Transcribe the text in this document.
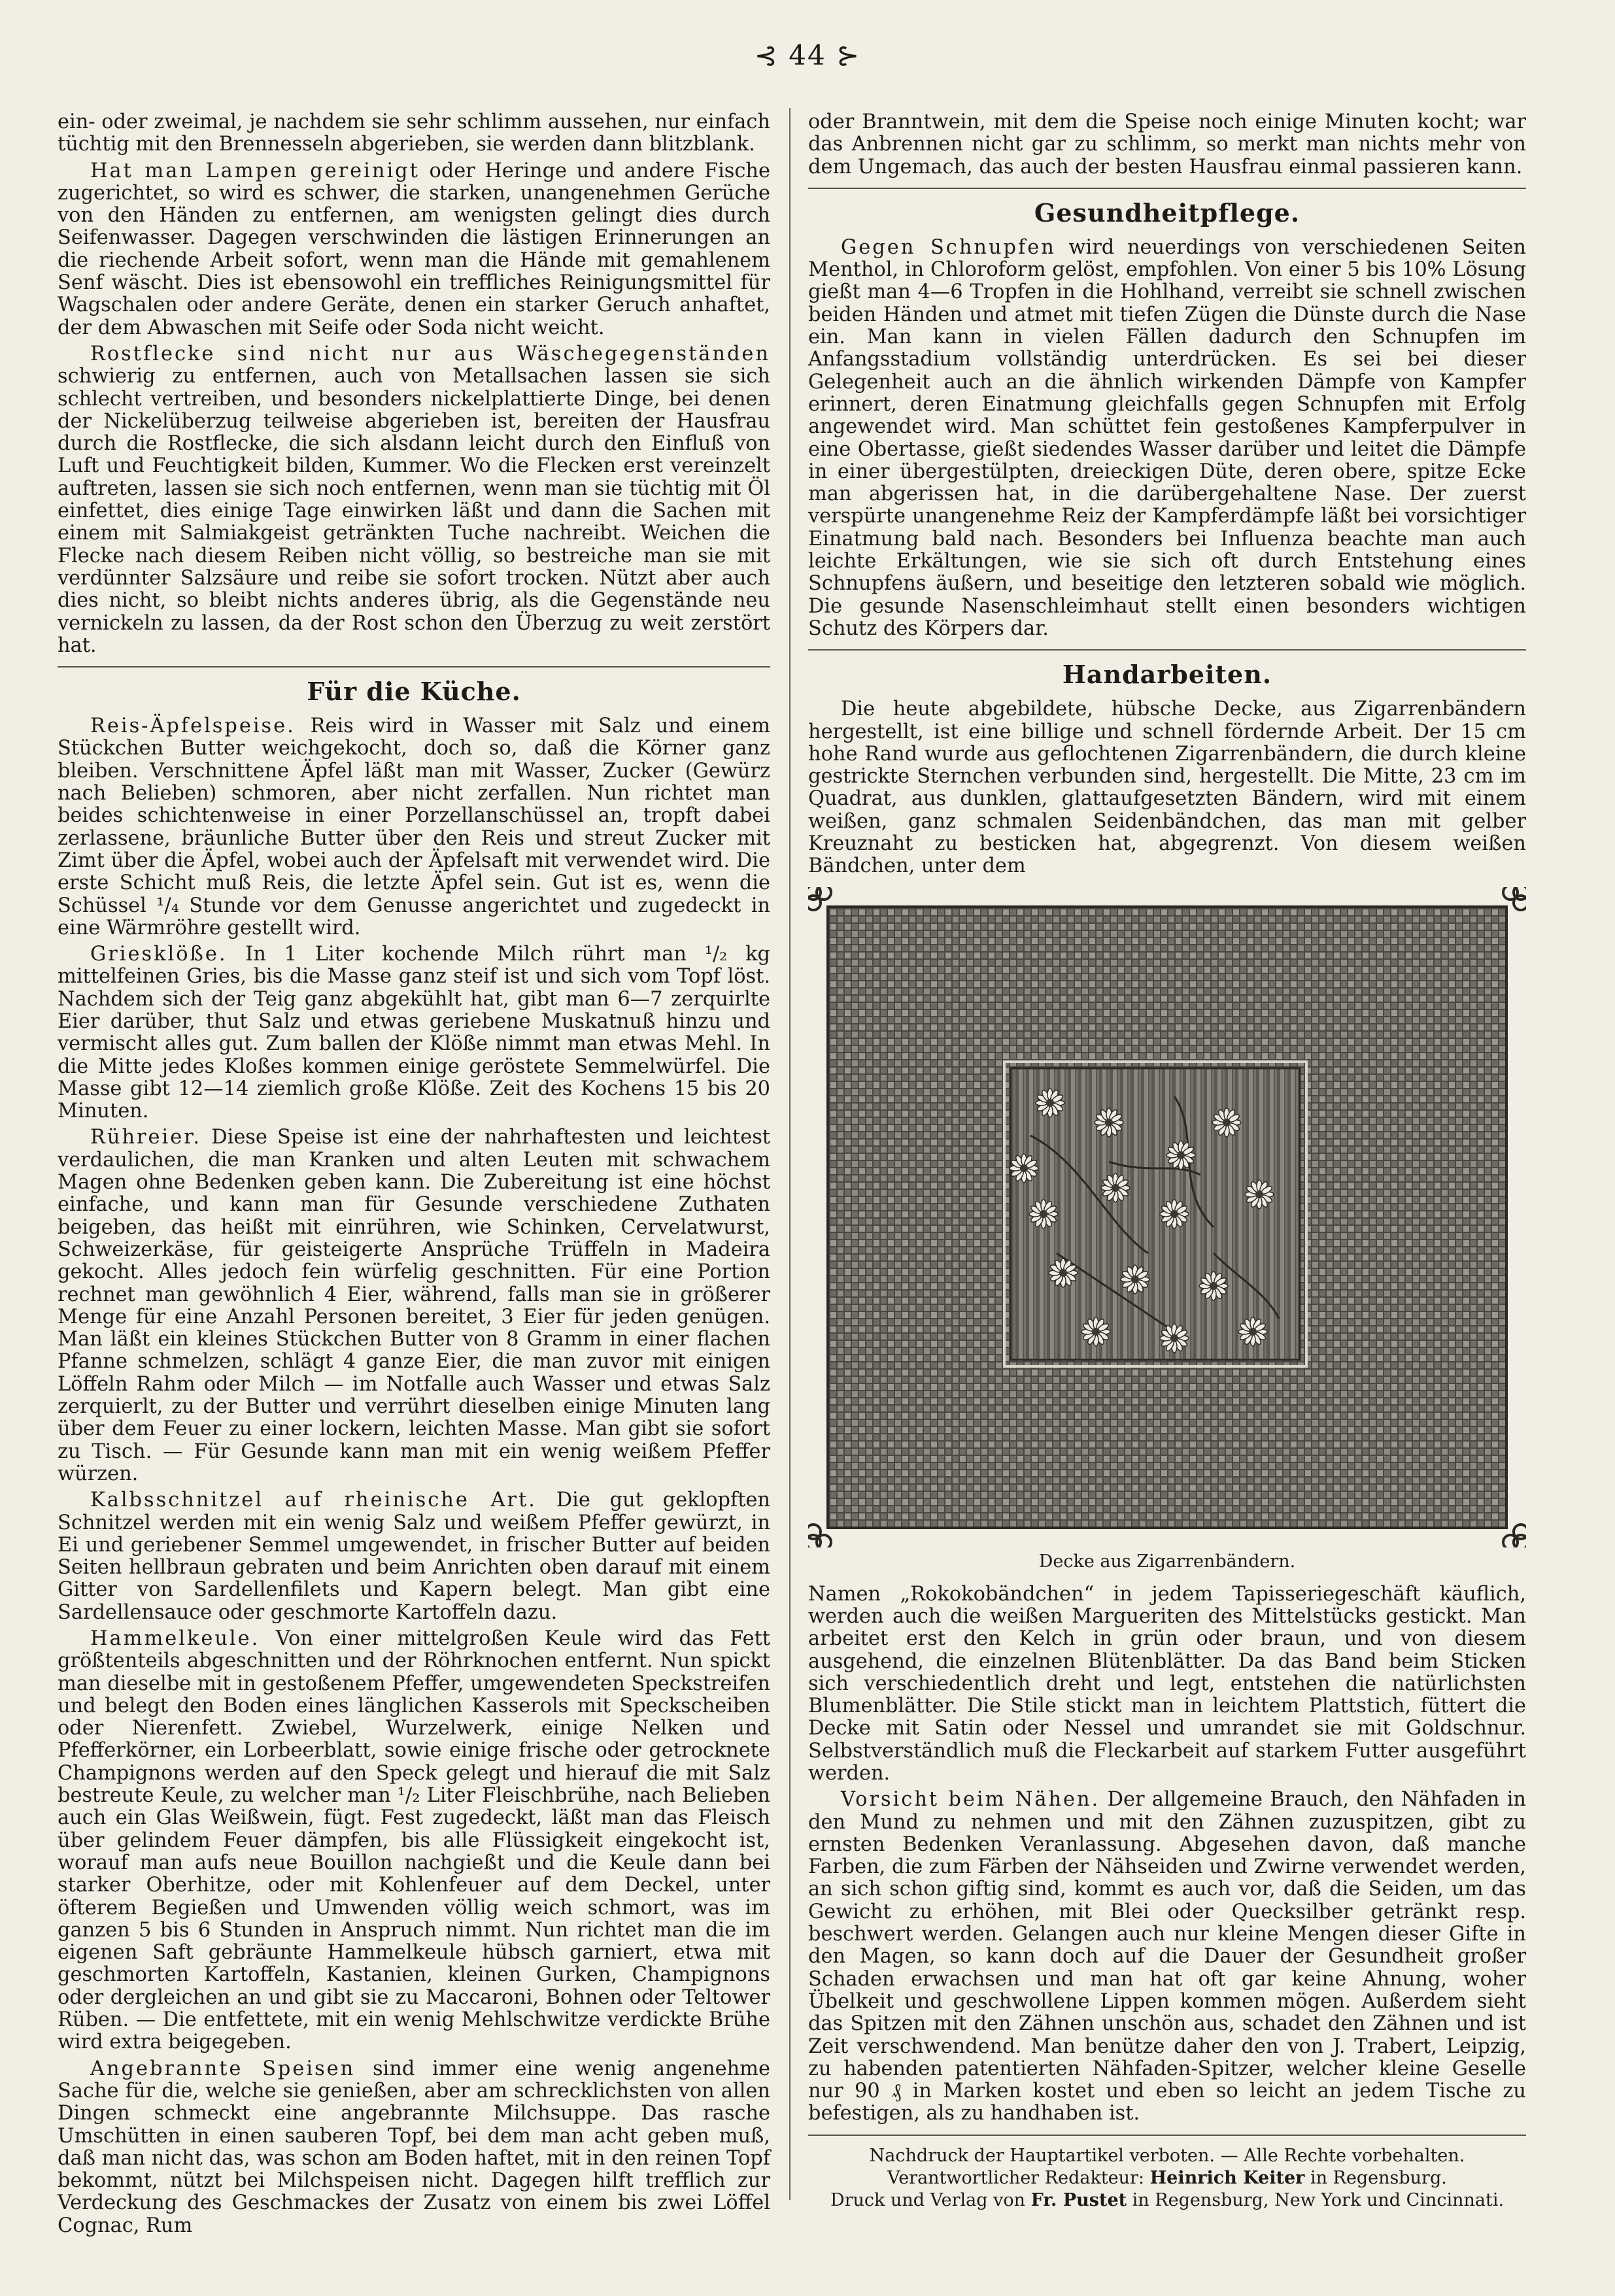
⊰ 44 ⊱

ein- oder zweimal, je nachdem sie sehr schlimm aussehen, nur einfach tüchtig mit den Brennesseln abgerieben, sie werden dann blitzblank.

Hat man Lampen gereinigt oder Heringe und andere Fische zugerichtet, so wird es schwer, die starken, unangenehmen Gerüche von den Händen zu entfernen, am wenigsten gelingt dies durch Seifenwasser. Dagegen verschwinden die lästigen Erinnerungen an die riechende Arbeit sofort, wenn man die Hände mit gemahlenem Senf wäscht. Dies ist ebensowohl ein treffliches Reinigungsmittel für Wagschalen oder andere Geräte, denen ein starker Geruch anhaftet, der dem Abwaschen mit Seife oder Soda nicht weicht.

Rostflecke sind nicht nur aus Wäschegegenständen schwierig zu entfernen, auch von Metallsachen lassen sie sich schlecht vertreiben, und besonders nickelplattierte Dinge, bei denen der Nickelüberzug teilweise abgerieben ist, bereiten der Hausfrau durch die Rostflecke, die sich alsdann leicht durch den Einfluß von Luft und Feuchtigkeit bilden, Kummer. Wo die Flecken erst vereinzelt auftreten, lassen sie sich noch entfernen, wenn man sie tüchtig mit Öl einfettet, dies einige Tage einwirken läßt und dann die Sachen mit einem mit Salmiakgeist getränkten Tuche nachreibt. Weichen die Flecke nach diesem Reiben nicht völlig, so bestreiche man sie mit verdünnter Salzsäure und reibe sie sofort trocken. Nützt aber auch dies nicht, so bleibt nichts anderes übrig, als die Gegenstände neu vernickeln zu lassen, da der Rost schon den Überzug zu weit zerstört hat.

Für die Küche.

Reis-Äpfelspeise. Reis wird in Wasser mit Salz und einem Stückchen Butter weichgekocht, doch so, daß die Körner ganz bleiben. Verschnittene Äpfel läßt man mit Wasser, Zucker (Gewürz nach Belieben) schmoren, aber nicht zerfallen. Nun richtet man beides schichtenweise in einer Porzellanschüssel an, tropft dabei zerlassene, bräunliche Butter über den Reis und streut Zucker mit Zimt über die Äpfel, wobei auch der Äpfelsaft mit verwendet wird. Die erste Schicht muß Reis, die letzte Äpfel sein. Gut ist es, wenn die Schüssel ¹/₄ Stunde vor dem Genusse angerichtet und zugedeckt in eine Wärmröhre gestellt wird.

Griesklöße. In 1 Liter kochende Milch rührt man ¹/₂ kg mittelfeinen Gries, bis die Masse ganz steif ist und sich vom Topf löst. Nachdem sich der Teig ganz abgekühlt hat, gibt man 6—7 zerquirlte Eier darüber, thut Salz und etwas geriebene Muskatnuß hinzu und vermischt alles gut. Zum ballen der Klöße nimmt man etwas Mehl. In die Mitte jedes Kloßes kommen einige geröstete Semmelwürfel. Die Masse gibt 12—14 ziemlich große Klöße. Zeit des Kochens 15 bis 20 Minuten.

Rühreier. Diese Speise ist eine der nahrhaftesten und leichtest verdaulichen, die man Kranken und alten Leuten mit schwachem Magen ohne Bedenken geben kann. Die Zubereitung ist eine höchst einfache, und kann man für Gesunde verschiedene Zuthaten beigeben, das heißt mit einrühren, wie Schinken, Cervelatwurst, Schweizerkäse, für geisteigerte Ansprüche Trüffeln in Madeira gekocht. Alles jedoch fein würfelig geschnitten. Für eine Portion rechnet man gewöhnlich 4 Eier, während, falls man sie in größerer Menge für eine Anzahl Personen bereitet, 3 Eier für jeden genügen. Man läßt ein kleines Stückchen Butter von 8 Gramm in einer flachen Pfanne schmelzen, schlägt 4 ganze Eier, die man zuvor mit einigen Löffeln Rahm oder Milch — im Notfalle auch Wasser und etwas Salz zerquierlt, zu der Butter und verrührt dieselben einige Minuten lang über dem Feuer zu einer lockern, leichten Masse. Man gibt sie sofort zu Tisch. — Für Gesunde kann man mit ein wenig weißem Pfeffer würzen.

Kalbsschnitzel auf rheinische Art. Die gut geklopften Schnitzel werden mit ein wenig Salz und weißem Pfeffer gewürzt, in Ei und geriebener Semmel umgewendet, in frischer Butter auf beiden Seiten hellbraun gebraten und beim Anrichten oben darauf mit einem Gitter von Sardellenfilets und Kapern belegt. Man gibt eine Sardellensauce oder geschmorte Kartoffeln dazu.

Hammelkeule. Von einer mittelgroßen Keule wird das Fett größtenteils abgeschnitten und der Röhrknochen entfernt. Nun spickt man dieselbe mit in gestoßenem Pfeffer, umgewendeten Speckstreifen und belegt den Boden eines länglichen Kasserols mit Speckscheiben oder Nierenfett. Zwiebel, Wurzelwerk, einige Nelken und Pfefferkörner, ein Lorbeerblatt, sowie einige frische oder getrocknete Champignons werden auf den Speck gelegt und hierauf die mit Salz bestreute Keule, zu welcher man ¹/₂ Liter Fleischbrühe, nach Belieben auch ein Glas Weißwein, fügt. Fest zugedeckt, läßt man das Fleisch über gelindem Feuer dämpfen, bis alle Flüssigkeit eingekocht ist, worauf man aufs neue Bouillon nachgießt und die Keule dann bei starker Oberhitze, oder mit Kohlenfeuer auf dem Deckel, unter öfterem Begießen und Umwenden völlig weich schmort, was im ganzen 5 bis 6 Stunden in Anspruch nimmt. Nun richtet man die im eigenen Saft gebräunte Hammelkeule hübsch garniert, etwa mit geschmorten Kartoffeln, Kastanien, kleinen Gurken, Champignons oder dergleichen an und gibt sie zu Maccaroni, Bohnen oder Teltower Rüben. — Die entfettete, mit ein wenig Mehlschwitze verdickte Brühe wird extra beigegeben.

Angebrannte Speisen sind immer eine wenig angenehme Sache für die, welche sie genießen, aber am schrecklichsten von allen Dingen schmeckt eine angebrannte Milchsuppe. Das rasche Umschütten in einen sauberen Topf, bei dem man acht geben muß, daß man nicht das, was schon am Boden haftet, mit in den reinen Topf bekommt, nützt bei Milchspeisen nicht. Dagegen hilft trefflich zur Verdeckung des Geschmackes der Zusatz von einem bis zwei Löffel Cognac, Rum

oder Branntwein, mit dem die Speise noch einige Minuten kocht; war das Anbrennen nicht gar zu schlimm, so merkt man nichts mehr von dem Ungemach, das auch der besten Hausfrau einmal passieren kann.

Gesundheitpflege.

Gegen Schnupfen wird neuerdings von verschiedenen Seiten Menthol, in Chloroform gelöst, empfohlen. Von einer 5 bis 10% Lösung gießt man 4—6 Tropfen in die Hohlhand, verreibt sie schnell zwischen beiden Händen und atmet mit tiefen Zügen die Dünste durch die Nase ein. Man kann in vielen Fällen dadurch den Schnupfen im Anfangsstadium vollständig unterdrücken. Es sei bei dieser Gelegenheit auch an die ähnlich wirkenden Dämpfe von Kampfer erinnert, deren Einatmung gleichfalls gegen Schnupfen mit Erfolg angewendet wird. Man schüttet fein gestoßenes Kampferpulver in eine Obertasse, gießt siedendes Wasser darüber und leitet die Dämpfe in einer übergestülpten, dreieckigen Düte, deren obere, spitze Ecke man abgerissen hat, in die darübergehaltene Nase. Der zuerst verspürte unangenehme Reiz der Kampferdämpfe läßt bei vorsichtiger Einatmung bald nach. Besonders bei Influenza beachte man auch leichte Erkältungen, wie sie sich oft durch Entstehung eines Schnupfens äußern, und beseitige den letzteren sobald wie möglich. Die gesunde Nasenschleimhaut stellt einen besonders wichtigen Schutz des Körpers dar.

Handarbeiten.

Die heute abgebildete, hübsche Decke, aus Zigarrenbändern hergestellt, ist eine billige und schnell fördernde Arbeit. Der 15 cm hohe Rand wurde aus geflochtenen Zigarrenbändern, die durch kleine gestrickte Sternchen verbunden sind, hergestellt. Die Mitte, 23 cm im Quadrat, aus dunklen, glattaufgesetzten Bändern, wird mit einem weißen, ganz schmalen Seidenbändchen, das man mit gelber Kreuznaht zu besticken hat, abgegrenzt. Von diesem weißen Bändchen, unter dem

Decke aus Zigarrenbändern.

Namen „Rokokobändchen“ in jedem Tapisseriegeschäft käuflich, werden auch die weißen Margueriten des Mittelstücks gestickt. Man arbeitet erst den Kelch in grün oder braun, und von diesem ausgehend, die einzelnen Blütenblätter. Da das Band beim Sticken sich verschiedentlich dreht und legt, entstehen die natürlichsten Blumenblätter. Die Stile stickt man in leichtem Plattstich, füttert die Decke mit Satin oder Nessel und umrandet sie mit Goldschnur. Selbstverständlich muß die Fleckarbeit auf starkem Futter ausgeführt werden.

Vorsicht beim Nähen. Der allgemeine Brauch, den Nähfaden in den Mund zu nehmen und mit den Zähnen zuzuspitzen, gibt zu ernsten Bedenken Veranlassung. Abgesehen davon, daß manche Farben, die zum Färben der Nähseiden und Zwirne verwendet werden, an sich schon giftig sind, kommt es auch vor, daß die Seiden, um das Gewicht zu erhöhen, mit Blei oder Quecksilber getränkt resp. beschwert werden. Gelangen auch nur kleine Mengen dieser Gifte in den Magen, so kann doch auf die Dauer der Gesundheit großer Schaden erwachsen und man hat oft gar keine Ahnung, woher Übelkeit und geschwollene Lippen kommen mögen. Außerdem sieht das Spitzen mit den Zähnen unschön aus, schadet den Zähnen und ist Zeit verschwendend. Man benütze daher den von J. Trabert, Leipzig, zu habenden patentierten Nähfaden-Spitzer, welcher kleine Geselle nur 90 ₰ in Marken kostet und eben so leicht an jedem Tische zu befestigen, als zu handhaben ist.

Nachdruck der Hauptartikel verboten. — Alle Rechte vorbehalten.
Verantwortlicher Redakteur: Heinrich Keiter in Regensburg.
Druck und Verlag von Fr. Pustet in Regensburg, New York und Cincinnati.
